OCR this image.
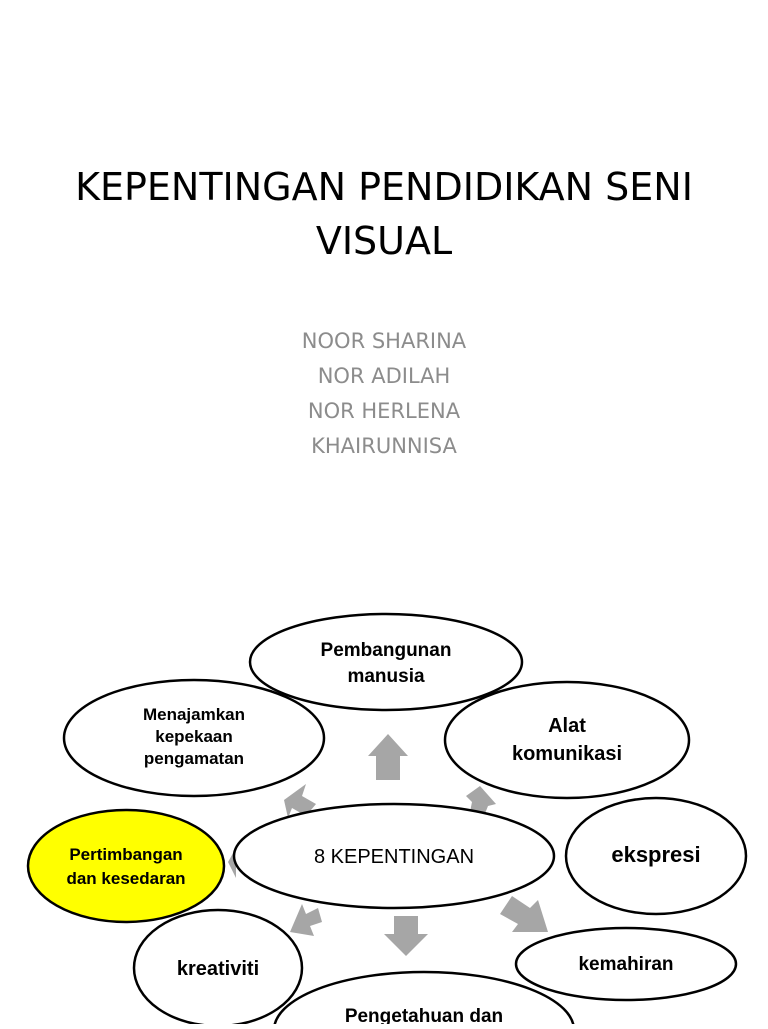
KEPENTINGAN PENDIDIKAN SENI
VISUAL
NOOR SHARINA
NOR ADILAH
NOR HERLENA
KHAIRUNNISA
Pembangunan
manusia
Menajamkan
kepekaan
pengamatan
Alat
komunikasi
Pertimbangan
dan kesedaran
8 KEPENTINGAN	ekspresi
kreativiti	kemahiran
Pengetahuan dan
